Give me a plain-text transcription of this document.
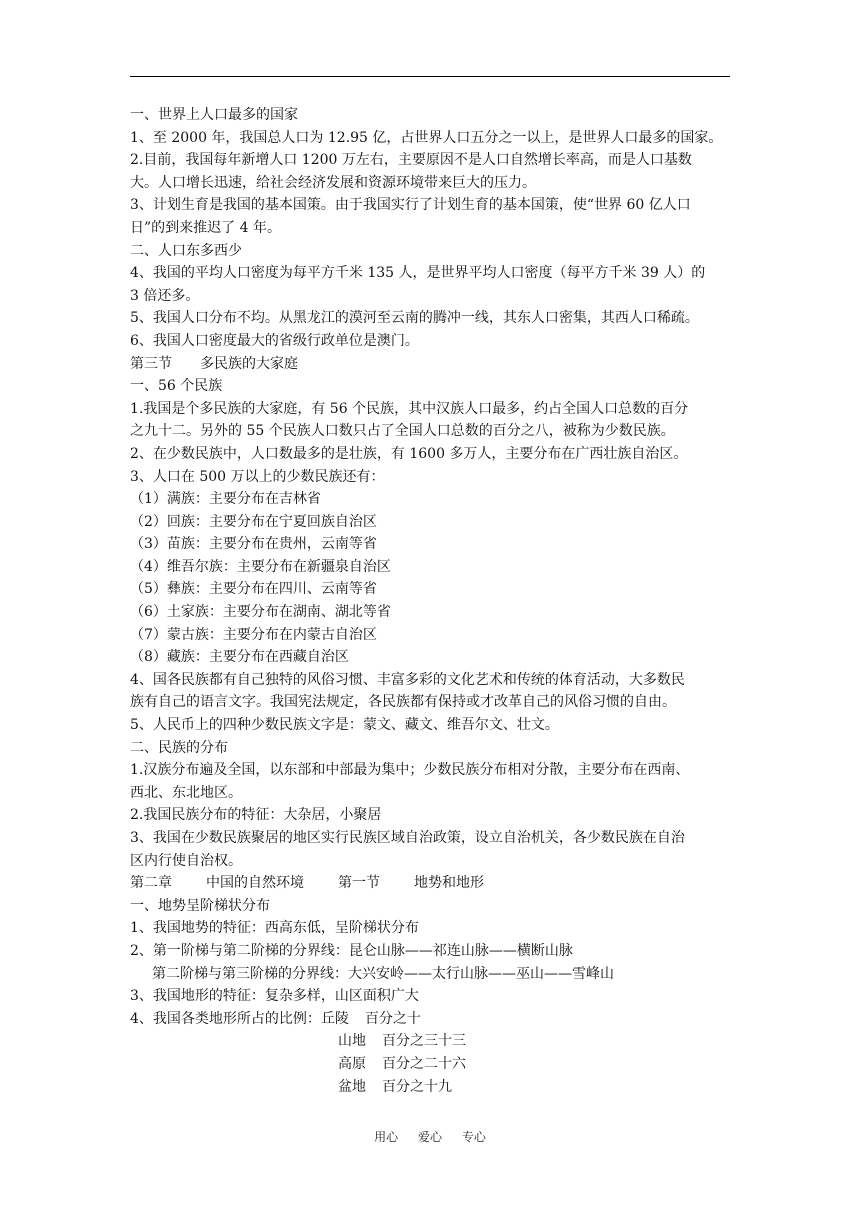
一、世界上人口最多的国家
1、至 2000 年，我国总人口为 12.95 亿，占世界人口五分之一以上，是世界人口最多的国家。
2.目前，我国每年新增人口 1200 万左右，主要原因不是人口自然增长率高，而是人口基数
大。人口增长迅速，给社会经济发展和资源环境带来巨大的压力。
3、计划生育是我国的基本国策。由于我国实行了计划生育的基本国策，使“世界 60 亿人口
日”的到来推迟了 4 年。
二、人口东多西少
4、我国的平均人口密度为每平方千米 135 人，是世界平均人口密度（每平方千米 39 人）的
3 倍还多。
5、我国人口分布不均。从黑龙江的漠河至云南的腾冲一线，其东人口密集，其西人口稀疏。
6、我国人口密度最大的省级行政单位是澳门。
第三节 多民族的大家庭
一、56 个民族
1.我国是个多民族的大家庭，有 56 个民族，其中汉族人口最多，约占全国人口总数的百分
之九十二。另外的 55 个民族人口数只占了全国人口总数的百分之八，被称为少数民族。
2、在少数民族中，人口数最多的是壮族，有 1600 多万人，主要分布在广西壮族自治区。
3、人口在 500 万以上的少数民族还有：
（1）满族：主要分布在吉林省
（2）回族：主要分布在宁夏回族自治区
（3）苗族：主要分布在贵州，云南等省
（4）维吾尔族：主要分布在新疆泉自治区
（5）彝族：主要分布在四川、云南等省
（6）土家族：主要分布在湖南、湖北等省
（7）蒙古族：主要分布在内蒙古自治区
（8）藏族：主要分布在西藏自治区
4、国各民族都有自己独特的风俗习惯、丰富多彩的文化艺术和传统的体育活动，大多数民
族有自己的语言文字。我国宪法规定，各民族都有保持或才改革自己的风俗习惯的自由。
5、人民币上的四种少数民族文字是：蒙文、藏文、维吾尔文、壮文。
二、民族的分布
1.汉族分布遍及全国，以东部和中部最为集中；少数民族分布相对分散，主要分布在西南、
西北、东北地区。
2.我国民族分布的特征：大杂居，小聚居
3、我国在少数民族聚居的地区实行民族区域自治政策，设立自治机关，各少数民族在自治
区内行使自治权。
第二章 中国的自然环境 第一节 地势和地形
一、地势呈阶梯状分布
1、我国地势的特征：西高东低，呈阶梯状分布
2、第一阶梯与第二阶梯的分界线：昆仑山脉——祁连山脉——横断山脉
第二阶梯与第三阶梯的分界线：大兴安岭——太行山脉——巫山——雪峰山
3、我国地形的特征：复杂多样，山区面积广大
4、我国各类地形所占的比例：丘陵 百分之十
山地 百分之三十三
高原 百分之二十六
盆地 百分之十九
用心 爱心 专心
